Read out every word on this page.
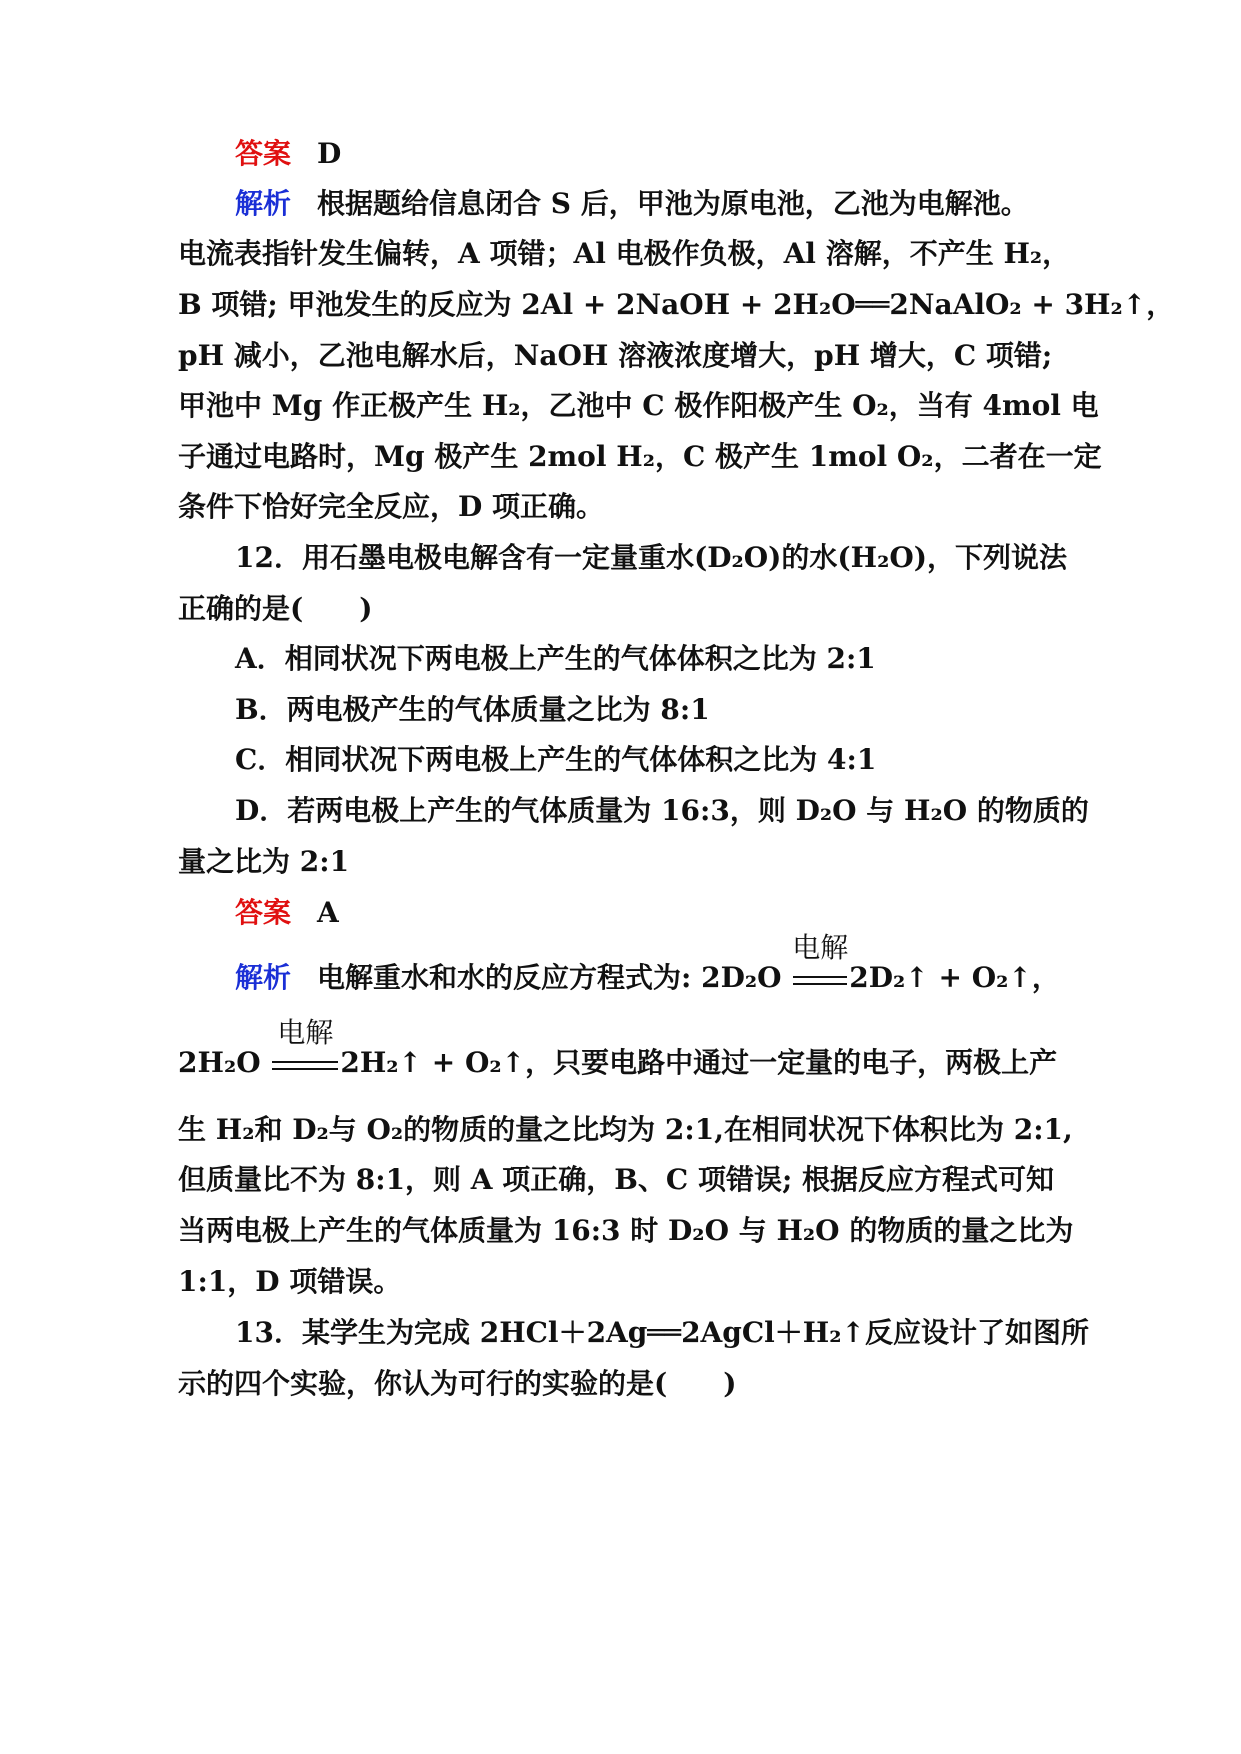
答案 D
解析 根据题给信息闭合 S 后，甲池为原电池，乙池为电解池。
电流表指针发生偏转，A 项错；Al 电极作负极，Al 溶解，不产生 H₂，
B 项错; 甲池发生的反应为 2Al + 2NaOH + 2H₂O══2NaAlO₂ + 3H₂↑，
pH 减小，乙池电解水后，NaOH 溶液浓度增大，pH 增大，C 项错;
甲池中 Mg 作正极产生 H₂，乙池中 C 极作阳极产生 O₂，当有 4mol 电
子通过电路时，Mg 极产生 2mol H₂，C 极产生 1mol O₂，二者在一定
条件下恰好完全反应，D 项正确。
12．用石墨电极电解含有一定量重水(D₂O)的水(H₂O)，下列说法
正确的是(　　)
A．相同状况下两电极上产生的气体体积之比为 2:1
B．两电极产生的气体质量之比为 8:1
C．相同状况下两电极上产生的气体体积之比为 4:1
D．若两电极上产生的气体质量为 16:3，则 D₂O 与 H₂O 的物质的
量之比为 2:1
答案 A
解析 电解重水和水的反应方程式为: 2D₂O
电解
2D₂↑ + O₂↑，
2H₂O
电解
2H₂↑ + O₂↑，只要电路中通过一定量的电子，两极上产
生 H₂和 D₂与 O₂的物质的量之比均为 2:1,在相同状况下体积比为 2:1,
但质量比不为 8:1，则 A 项正确，B、C 项错误; 根据反应方程式可知
当两电极上产生的气体质量为 16:3 时 D₂O 与 H₂O 的物质的量之比为
1:1，D 项错误。
13．某学生为完成 2HCl＋2Ag══2AgCl＋H₂↑反应设计了如图所
示的四个实验，你认为可行的实验的是(　　)
